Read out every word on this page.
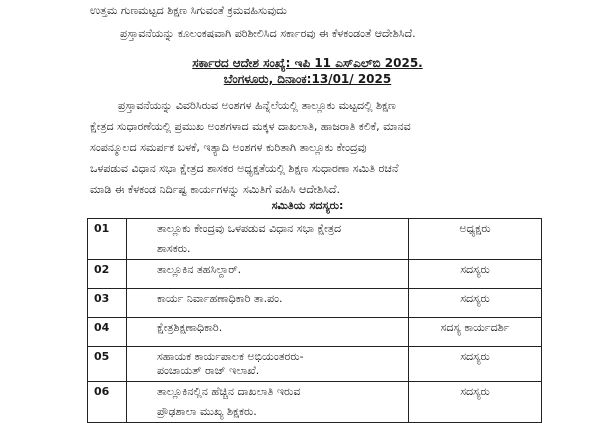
ಉತ್ತಮ ಗುಣಮಟ್ಟದ ಶಿಕ್ಷಣ ಸಿಗುವಂತೆ ಕ್ರಮವಹಿಸುವುದು
ಪ್ರಸ್ತಾವನೆಯನ್ನು ಕೂಲಂಕಷವಾಗಿ ಪರಿಶೀಲಿಸಿದ ಸರ್ಕಾರವು ಈ ಕೆಳಕಂಡಂತೆ ಆದೇಶಿಸಿದೆ.
ಸರ್ಕಾರದ ಆದೇಶ ಸಂಖ್ಯೆ: ಇಪಿ 11 ಎಸ್‌ಎಲ್‌ಬಿ 2025.
ಬೆಂಗಳೂರು, ದಿನಾಂಕ:13/01/ 2025
ಪ್ರಸ್ತಾವನೆಯನ್ನು ವಿವರಿಸಿರುವ ಅಂಶಗಳ ಹಿನ್ನೆಲೆಯಲ್ಲಿ ತಾಲ್ಲೂಕು ಮಟ್ಟದಲ್ಲಿ ಶಿಕ್ಷಣ
ಕ್ಷೇತ್ರದ ಸುಧಾರಣೆಯಲ್ಲಿ ಪ್ರಮುಖ ಅಂಶಗಳಾದ ಮಕ್ಕಳ ದಾಖಲಾತಿ, ಹಾಜರಾತಿ ಕಲಿಕೆ, ಮಾನವ
ಸಂಪನ್ಮೂಲದ ಸಮರ್ಪಕ ಬಳಕೆ, ಇತ್ಯಾದಿ ಅಂಶಗಳ ಕುರಿತಾಗಿ ತಾಲ್ಲೂಕು ಕೇಂದ್ರವು
ಒಳಪಡುವ ವಿಧಾನ ಸಭಾ ಕ್ಷೇತ್ರದ ಶಾಸಕರ ಅಧ್ಯಕ್ಷತೆಯಲ್ಲಿ ಶಿಕ್ಷಣ ಸುಧಾರಣಾ ಸಮಿತಿ ರಚನೆ
ಮಾಡಿ ಈ ಕೆಳಕಂಡ ನಿರ್ದಿಷ್ಟ ಕಾರ್ಯಗಳನ್ನು ಸಮಿತಿಗೆ ವಹಿಸಿ ಆದೇಶಿಸಿದೆ.
ಸಮಿತಿಯ ಸದಸ್ಯರು:
01	ತಾಲ್ಲೂಕು ಕೇಂದ್ರವು ಒಳಪಡುವ ವಿಧಾನ ಸಭಾ ಕ್ಷೇತ್ರದ
ಶಾಸಕರು.	ಅಧ್ಯಕ್ಷರು
02	ತಾಲ್ಲೂಕಿನ ತಹಸಿಲ್ದಾರ್.	ಸದಸ್ಯರು
03	ಕಾರ್ಯ ನಿರ್ವಾಹಣಾಧಿಕಾರಿ ತಾ.ಪಂ.	ಸದಸ್ಯರು
04	ಕ್ಷೇತ್ರಶಿಕ್ಷಣಾಧಿಕಾರಿ.	ಸದಸ್ಯ ಕಾರ್ಯದರ್ಶಿ
05	ಸಹಾಯಕ ಕಾರ್ಯಪಾಲಕ ಅಭಿಯಂತರರು-
ಪಂಚಾಯತ್ ರಾಜ್ ಇಲಾಖೆ.	ಸದಸ್ಯರು
06	ತಾಲ್ಲೂಕಿನಲ್ಲಿನ ಹೆಚ್ಚಿನ ದಾಖಲಾತಿ ಇರುವ
ಪ್ರೌಢಶಾಲಾ ಮುಖ್ಯ ಶಿಕ್ಷಕರು.	ಸದಸ್ಯರು
